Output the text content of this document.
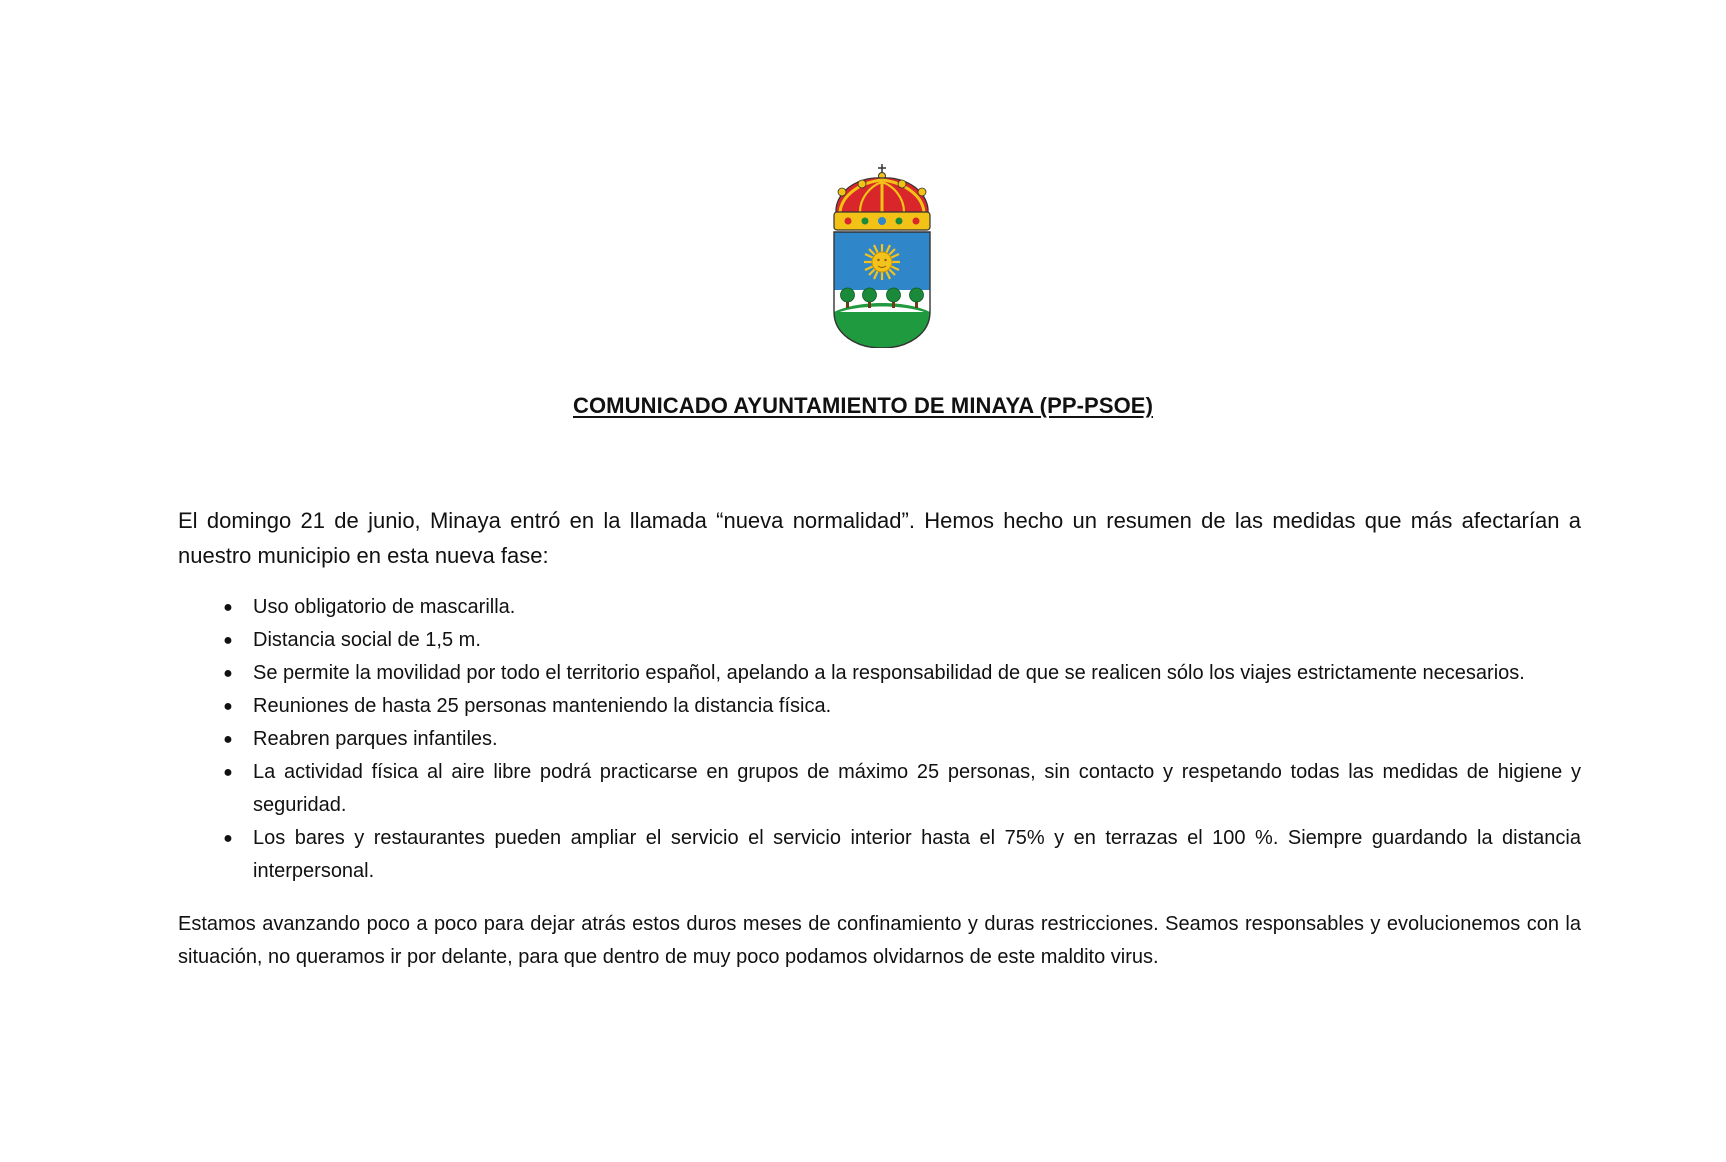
COMUNICADO AYUNTAMIENTO DE MINAYA (PP-PSOE)

El domingo 21 de junio, Minaya entró en la llamada “nueva normalidad”. Hemos hecho un resumen de las medidas que más afectarían a nuestro municipio en esta nueva fase:

● Uso obligatorio de mascarilla.
● Distancia social de 1,5 m.
● Se permite la movilidad por todo el territorio español, apelando a la responsabilidad de que se realicen sólo los viajes estrictamente necesarios.
● Reuniones de hasta 25 personas manteniendo la distancia física.
● Reabren parques infantiles.
● La actividad física al aire libre podrá practicarse en grupos de máximo 25 personas, sin contacto y respetando todas las medidas de higiene y seguridad.
● Los bares y restaurantes pueden ampliar el servicio el servicio interior hasta el 75% y en terrazas el 100 %. Siempre guardando la distancia interpersonal.

Estamos avanzando poco a poco para dejar atrás estos duros meses de confinamiento y duras restricciones. Seamos responsables y evolucionemos con la situación, no queramos ir por delante, para que dentro de muy poco podamos olvidarnos de este maldito virus.
